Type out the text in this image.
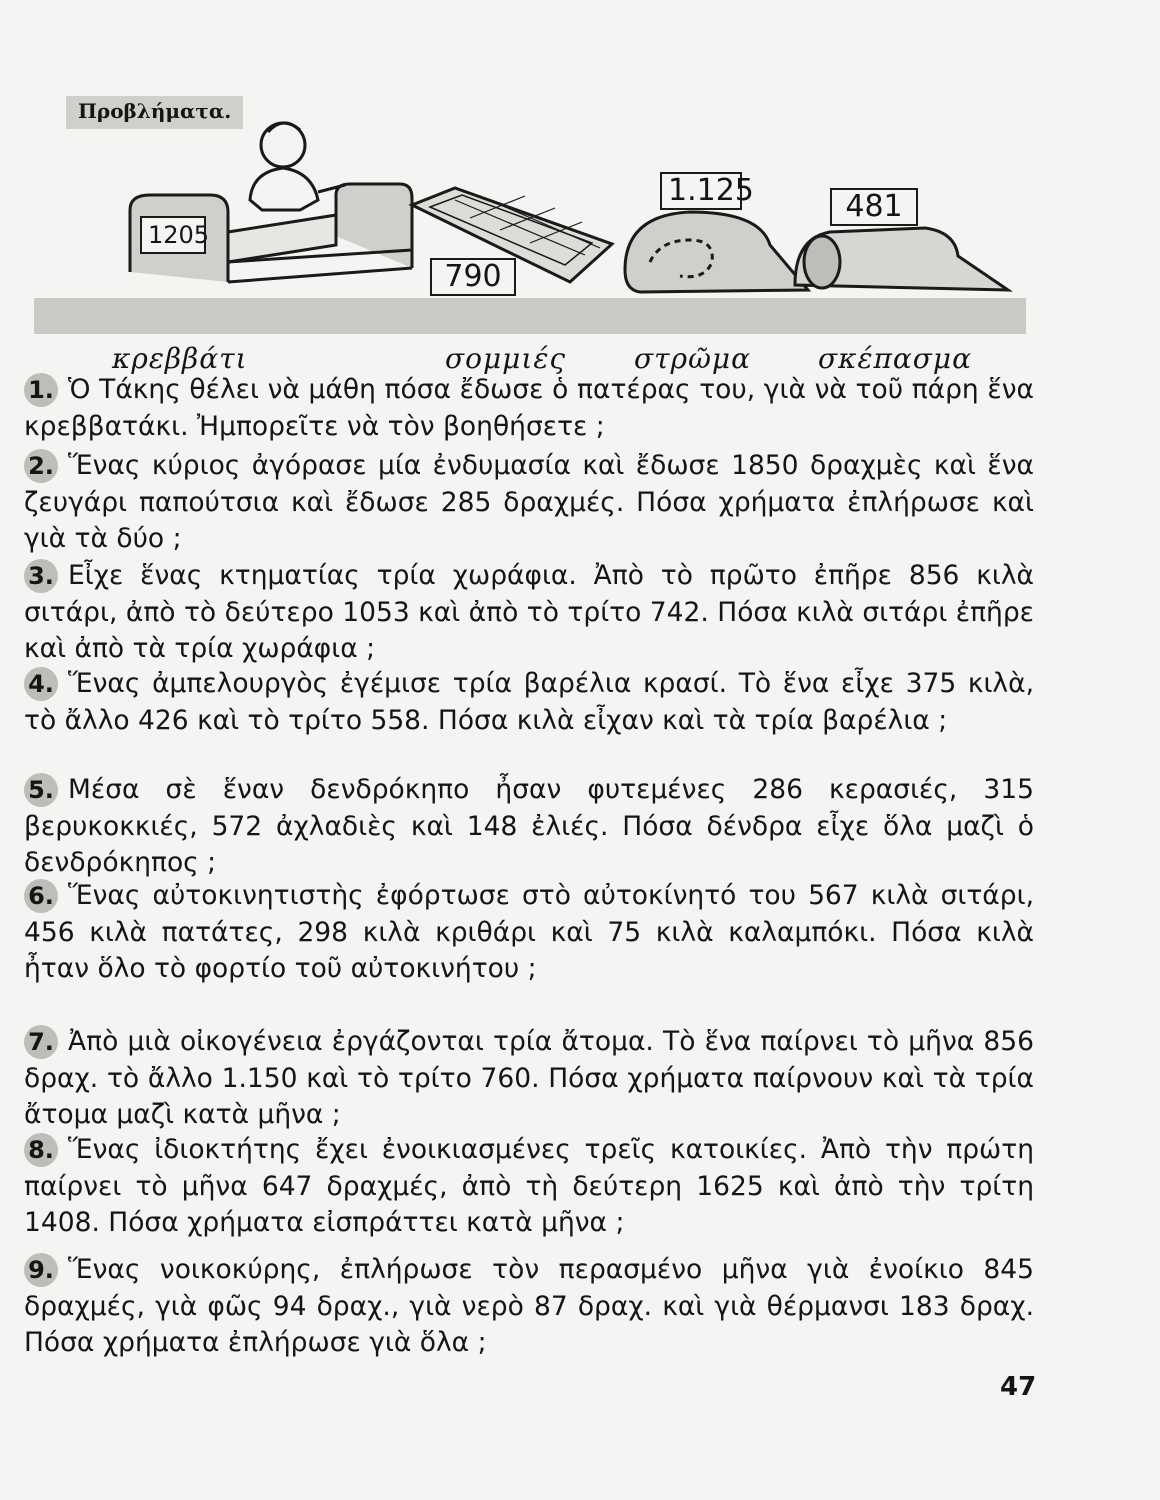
Προβλήματα.
1205
790
1.125	481
κρεββάτι	σομμιές στρῶμα σκέπασμα
1. Ὁ Τάκης θέλει νὰ μάθη πόσα ἔδωσε ὁ πατέρας του, γιὰ νὰ τοῦ πάρη ἕνα κρεββατάκι. Ἠμπορεῖτε νὰ τὸν βοηθήσετε ;
2. Ἕνας κύριος ἀγόρασε μία ἐνδυμασία καὶ ἔδωσε 1850 δραχμὲς καὶ ἕνα ζευγάρι παπούτσια καὶ ἔδωσε 285 δραχμές. Πόσα χρήματα ἐπλήρωσε καὶ γιὰ τὰ δύο ;
3. Εἶχε ἕνας κτηματίας τρία χωράφια. Ἀπὸ τὸ πρῶτο ἐπῆρε 856 κιλὰ σιτάρι, ἀπὸ τὸ δεύτερο 1053 καὶ ἀπὸ τὸ τρίτο 742. Πόσα κιλὰ σιτάρι ἐπῆρε καὶ ἀπὸ τὰ τρία χωράφια ;
4. Ἕνας ἀμπελουργὸς ἐγέμισε τρία βαρέλια κρασί. Τὸ ἕνα εἶχε 375 κιλὰ, τὸ ἄλλο 426 καὶ τὸ τρίτο 558. Πόσα κιλὰ εἶχαν καὶ τὰ τρία βαρέλια ;
5. Μέσα σὲ ἕναν δενδρόκηπο ἦσαν φυτεμένες 286 κερασιές, 315 βερυκοκκιές, 572 ἀχλαδιὲς καὶ 148 ἐλιές. Πόσα δένδρα εἶχε ὅλα μαζὶ ὁ δενδρόκηπος ;
6. Ἕνας αὐτοκινητιστὴς ἐφόρτωσε στὸ αὐτοκίνητό του 567 κιλὰ σιτάρι, 456 κιλὰ πατάτες, 298 κιλὰ κριθάρι καὶ 75 κιλὰ καλαμπόκι. Πόσα κιλὰ ἦταν ὅλο τὸ φορτίο τοῦ αὐτοκινήτου ;
7. Ἀπὸ μιὰ οἰκογένεια ἐργάζονται τρία ἄτομα. Τὸ ἕνα παίρνει τὸ μῆνα 856 δραχ. τὸ ἄλλο 1.150 καὶ τὸ τρίτο 760. Πόσα χρήματα παίρνουν καὶ τὰ τρία ἄτομα μαζὶ κατὰ μῆνα ;
8. Ἕνας ἰδιοκτήτης ἔχει ἐνοικιασμένες τρεῖς κατοικίες. Ἀπὸ τὴν πρώτη παίρνει τὸ μῆνα 647 δραχμές, ἀπὸ τὴ δεύτερη 1625 καὶ ἀπὸ τὴν τρίτη 1408. Πόσα χρήματα εἰσπράττει κατὰ μῆνα ;
9. Ἕνας νοικοκύρης, ἐπλήρωσε τὸν περασμένο μῆνα γιὰ ἐνοίκιο 845 δραχμές, γιὰ φῶς 94 δραχ., γιὰ νερὸ 87 δραχ. καὶ γιὰ θέρμανσι 183 δραχ. Πόσα χρήματα ἐπλήρωσε γιὰ ὅλα ;
47
